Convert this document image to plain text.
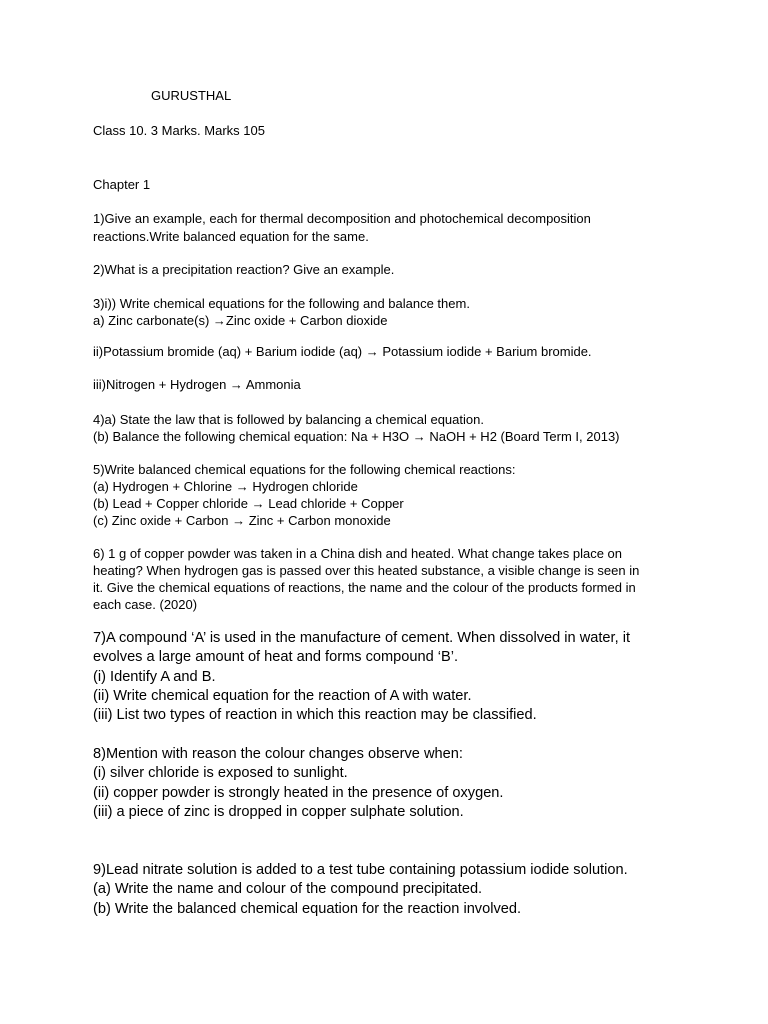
GURUSTHAL
Class 10. 3 Marks. Marks 105
Chapter 1
1)Give an example, each for thermal decomposition and photochemical decomposition
reactions.Write balanced equation for the same.
2)What is a precipitation reaction? Give an example.
3)i)) Write chemical equations for the following and balance them.
a) Zinc carbonate(s) →Zinc oxide + Carbon dioxide
ii)Potassium bromide (aq) + Barium iodide (aq) → Potassium iodide + Barium bromide.
iii)Nitrogen + Hydrogen → Ammonia
4)a) State the law that is followed by balancing a chemical equation.
(b) Balance the following chemical equation: Na + H3O → NaOH + H2 (Board Term I, 2013)
5)Write balanced chemical equations for the following chemical reactions:
(a) Hydrogen + Chlorine → Hydrogen chloride
(b) Lead + Copper chloride → Lead chloride + Copper
(c) Zinc oxide + Carbon → Zinc + Carbon monoxide
6) 1 g of copper powder was taken in a China dish and heated. What change takes place on
heating? When hydrogen gas is passed over this heated substance, a visible change is seen in
it. Give the chemical equations of reactions, the name and the colour of the products formed in
each case. (2020)
7)A compound ‘A’ is used in the manufacture of cement. When dissolved in water, it
evolves a large amount of heat and forms compound ‘B’.
(i) Identify A and B.
(ii) Write chemical equation for the reaction of A with water.
(iii) List two types of reaction in which this reaction may be classified.
8)Mention with reason the colour changes observe when:
(i) silver chloride is exposed to sunlight.
(ii) copper powder is strongly heated in the presence of oxygen.
(iii) a piece of zinc is dropped in copper sulphate solution.
9)Lead nitrate solution is added to a test tube containing potassium iodide solution.
(a) Write the name and colour of the compound precipitated.
(b) Write the balanced chemical equation for the reaction involved.
